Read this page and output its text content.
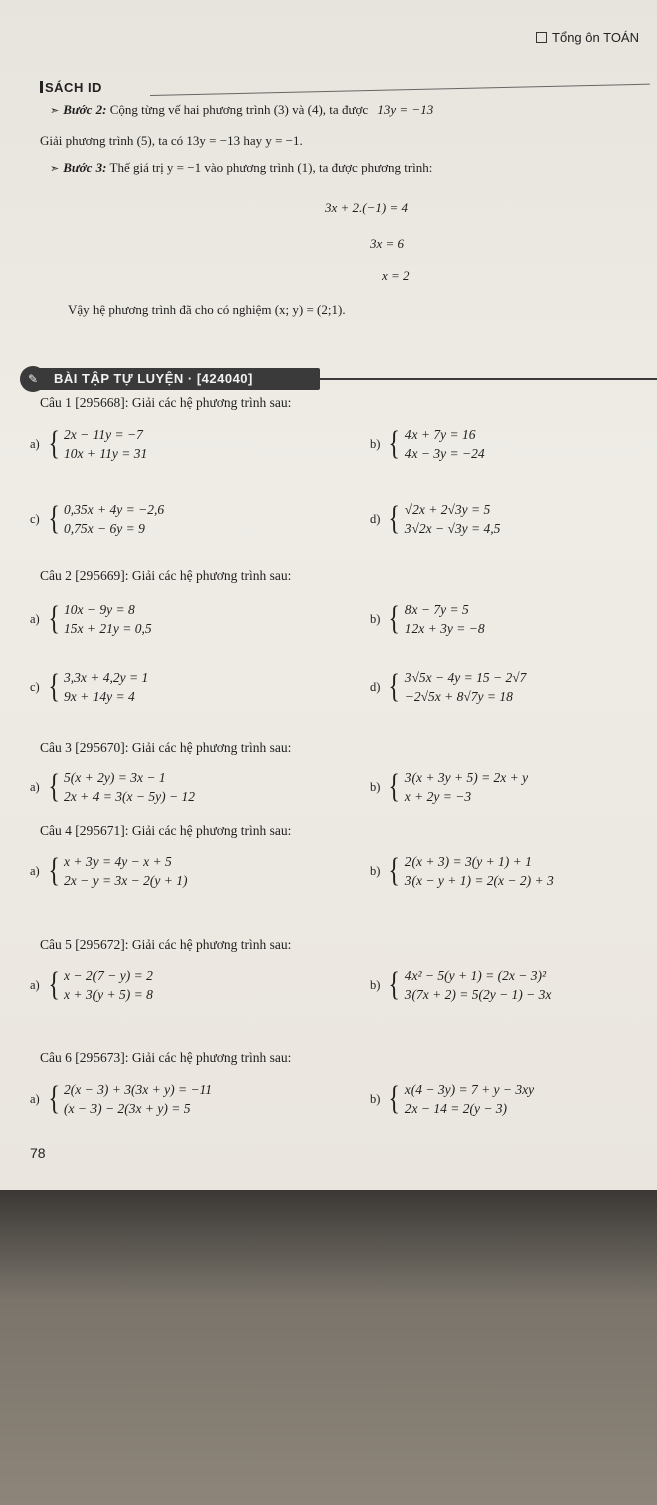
Tổng ôn TOÁN
SÁCH ID
➣ Bước 2: Cộng từng vế hai phương trình (3) và (4), ta được 13y = −13
Giải phương trình (5), ta có 13y = −13 hay y = −1.
➣ Bước 3: Thế giá trị y = −1 vào phương trình (1), ta được phương trình:
3x + 2.(−1) = 4
3x = 6
x = 2
Vậy hệ phương trình đã cho có nghiệm (x; y) = (2;1).
✎	BÀI TẬP TỰ LUYỆN · [424040]
Câu 1 [295668]: Giải các hệ phương trình sau:
a) { 2x − 11y = −7
10x + 11y = 31
b) { 4x + 7y = 16
4x − 3y = −24
c) { 0,35x + 4y = −2,6
0,75x − 6y = 9
d) { √2x + 2√3y = 5
3√2x − √3y = 4,5
Câu 2 [295669]: Giải các hệ phương trình sau:
a) { 10x − 9y = 8
15x + 21y = 0,5
b) { 8x − 7y = 5
12x + 3y = −8
c) { 3,3x + 4,2y = 1
9x + 14y = 4
d) { 3√5x − 4y = 15 − 2√7
−2√5x + 8√7y = 18
Câu 3 [295670]: Giải các hệ phương trình sau:
a) { 5(x + 2y) = 3x − 1
2x + 4 = 3(x − 5y) − 12
b) { 3(x + 3y + 5) = 2x + y
x + 2y = −3
Câu 4 [295671]: Giải các hệ phương trình sau:
a) { x + 3y = 4y − x + 5
2x − y = 3x − 2(y + 1)
b) { 2(x + 3) = 3(y + 1) + 1
3(x − y + 1) = 2(x − 2) + 3
Câu 5 [295672]: Giải các hệ phương trình sau:
a) { x − 2(7 − y) = 2
x + 3(y + 5) = 8
b) { 4x² − 5(y + 1) = (2x − 3)²
3(7x + 2) = 5(2y − 1) − 3x
Câu 6 [295673]: Giải các hệ phương trình sau:
a) { 2(x − 3) + 3(3x + y) = −11
(x − 3) − 2(3x + y) = 5
b) { x(4 − 3y) = 7 + y − 3xy
2x − 14 = 2(y − 3)
78
